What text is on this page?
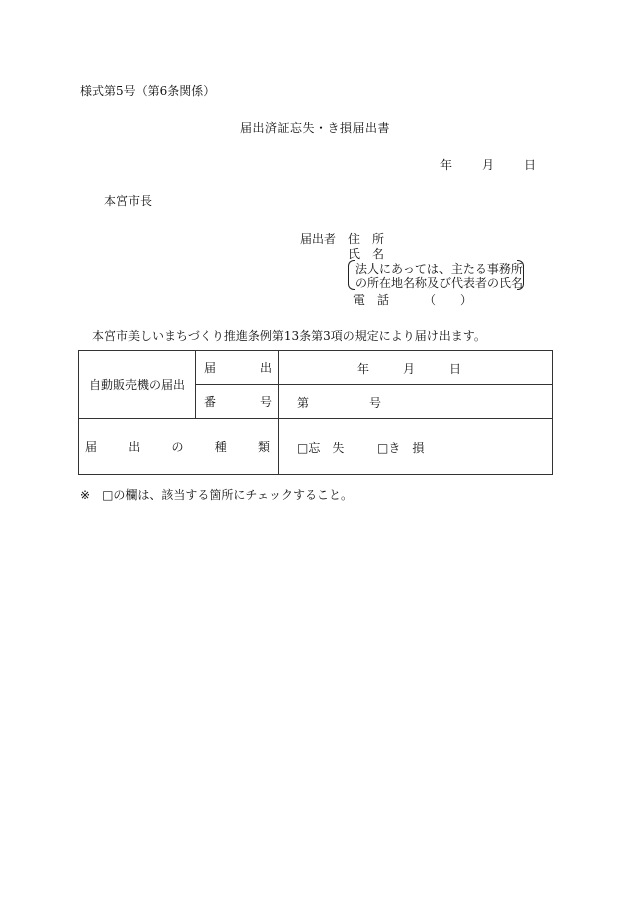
様式第5号（第6条関係）
届出済証忘失・き損届出書
年	月	日
本宮市長
届出者 住　所
氏　名
法人にあっては、主たる事務所
の所在地名称及び代表者の氏名
電　話	（　　）
本宮市美しいまちづくり推進条例第13条第3項の規定により届け出ます。
自動販売機の届出	届 出	年 月 日

	番 号	第 号

届 出 の 種 類		□忘　失 □き　損
※ □の欄は、該当する箇所にチェックすること。
